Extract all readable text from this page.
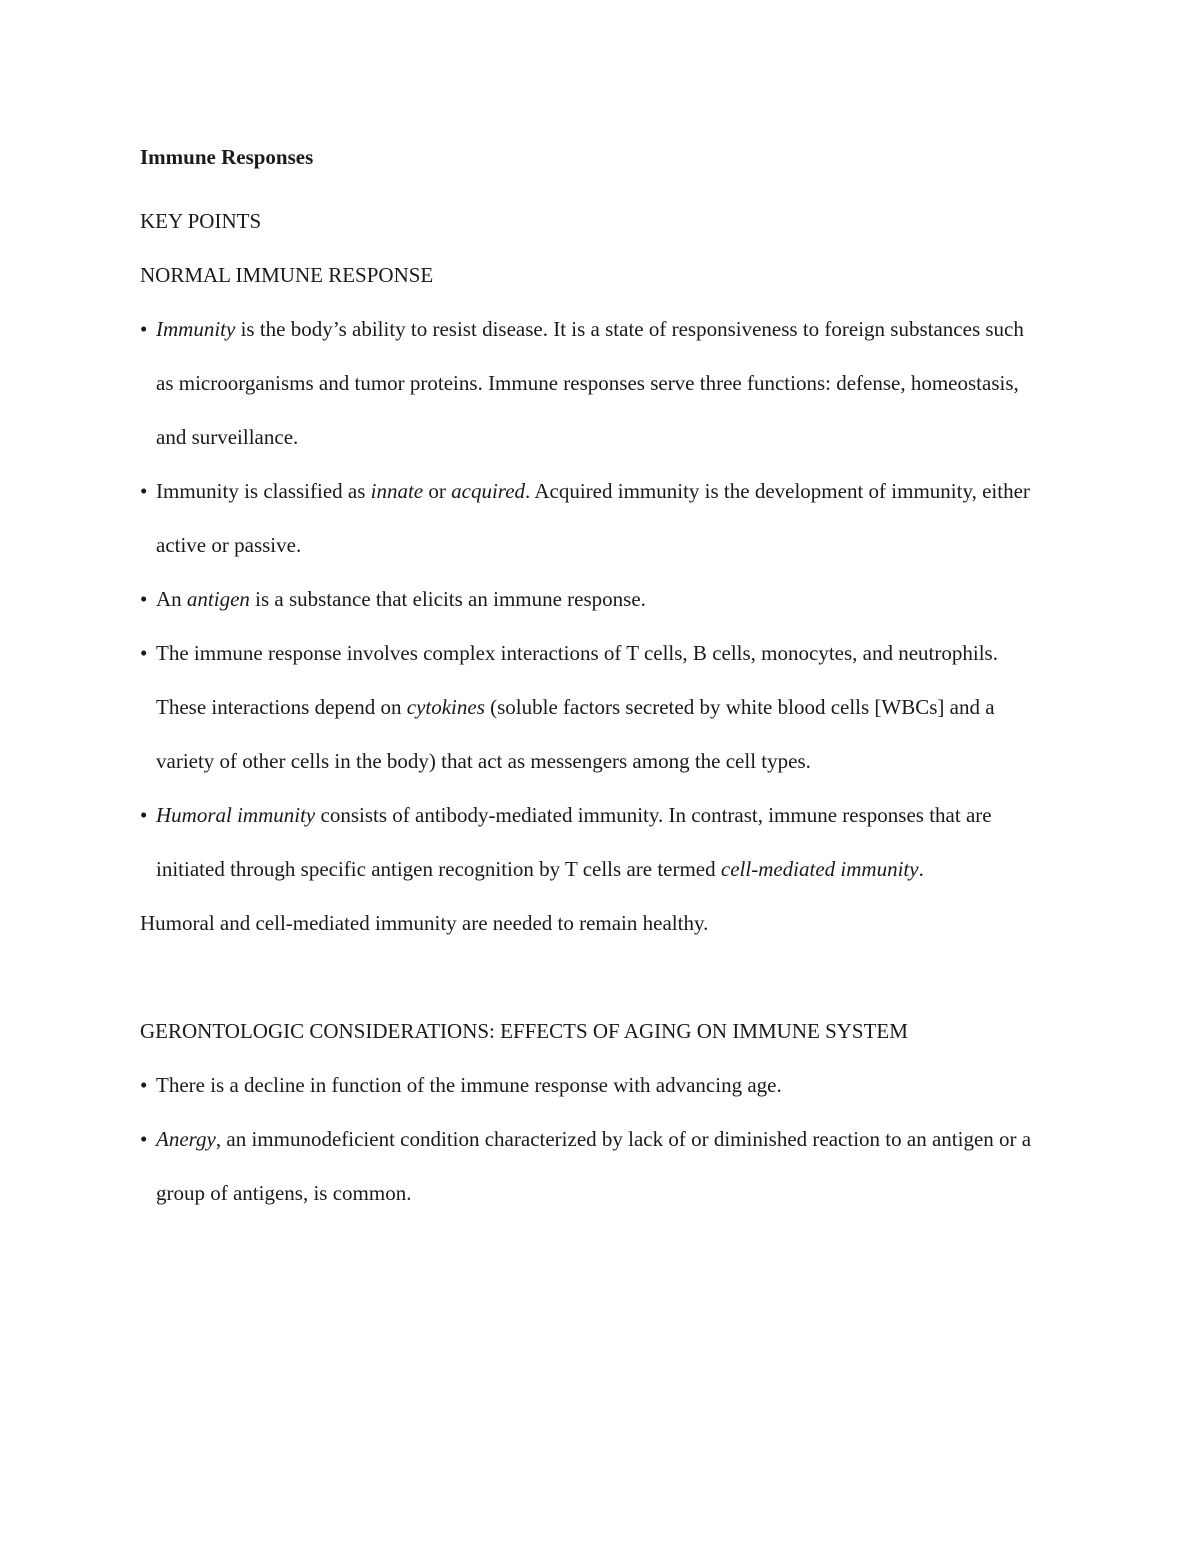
Immune Responses

KEY POINTS

NORMAL IMMUNE RESPONSE

• Immunity is the body’s ability to resist disease. It is a state of responsiveness to foreign substances such as microorganisms and tumor proteins. Immune responses serve three functions: defense, homeostasis, and surveillance.

• Immunity is classified as innate or acquired. Acquired immunity is the development of immunity, either active or passive.

• An antigen is a substance that elicits an immune response.

• The immune response involves complex interactions of T cells, B cells, monocytes, and neutrophils. These interactions depend on cytokines (soluble factors secreted by white blood cells [WBCs] and a variety of other cells in the body) that act as messengers among the cell types.

• Humoral immunity consists of antibody-mediated immunity. In contrast, immune responses that are initiated through specific antigen recognition by T cells are termed cell-mediated immunity.

Humoral and cell-mediated immunity are needed to remain healthy.

GERONTOLOGIC CONSIDERATIONS: EFFECTS OF AGING ON IMMUNE SYSTEM

• There is a decline in function of the immune response with advancing age.

• Anergy, an immunodeficient condition characterized by lack of or diminished reaction to an antigen or a group of antigens, is common.
